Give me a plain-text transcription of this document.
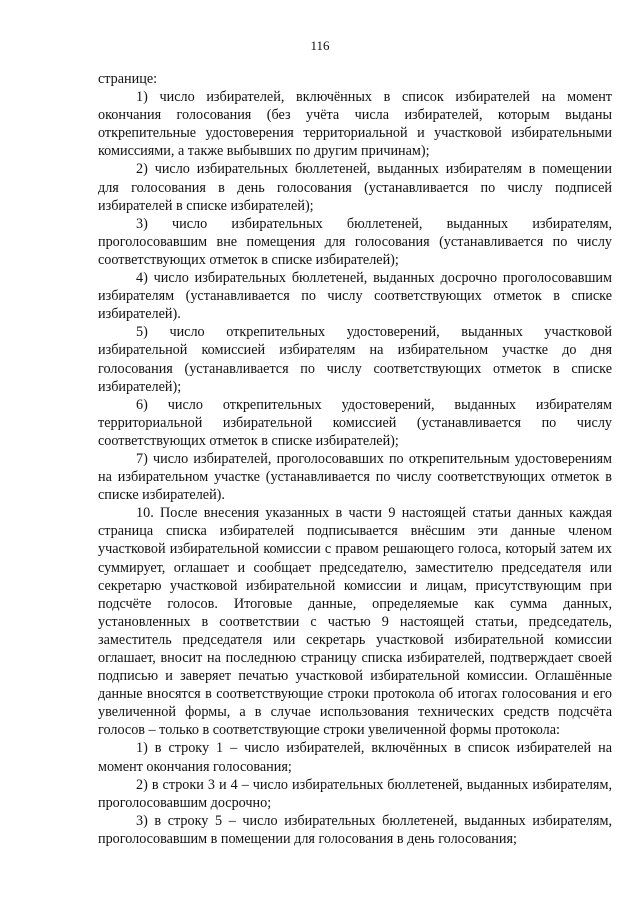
116

странице:

1) число избирателей, включённых в список избирателей на момент окончания голосования (без учёта числа избирателей, которым выданы открепительные удостоверения территориальной и участковой избирательными комиссиями, а также выбывших по другим причинам);

2) число избирательных бюллетеней, выданных избирателям в помещении для голосования в день голосования (устанавливается по числу подписей избирателей в списке избирателей);

3) число избирательных бюллетеней, выданных избирателям, проголосовавшим вне помещения для голосования (устанавливается по числу соответствующих отметок в списке избирателей);

4) число избирательных бюллетеней, выданных досрочно проголосовавшим избирателям (устанавливается по числу соответствующих отметок в списке избирателей).

5) число открепительных удостоверений, выданных участковой избирательной комиссией избирателям на избирательном участке до дня голосования (устанавливается по числу соответствующих отметок в списке избирателей);

6) число открепительных удостоверений, выданных избирателям территориальной избирательной комиссией (устанавливается по числу соответствующих отметок в списке избирателей);

7) число избирателей, проголосовавших по открепительным удостоверениям на избирательном участке (устанавливается по числу соответствующих отметок в списке избирателей).

10. После внесения указанных в части 9 настоящей статьи данных каждая страница списка избирателей подписывается внёсшим эти данные членом участковой избирательной комиссии с правом решающего голоса, который затем их суммирует, оглашает и сообщает председателю, заместителю председателя или секретарю участковой избирательной комиссии и лицам, присутствующим при подсчёте голосов. Итоговые данные, определяемые как сумма данных, установленных в соответствии с частью 9 настоящей статьи, председатель, заместитель председателя или секретарь участковой избирательной комиссии оглашает, вносит на последнюю страницу списка избирателей, подтверждает своей подписью и заверяет печатью участковой избирательной комиссии. Оглашённые данные вносятся в соответствующие строки протокола об итогах голосования и его увеличенной формы, а в случае использования технических средств подсчёта голосов – только в соответствующие строки увеличенной формы протокола:

1) в строку 1 – число избирателей, включённых в список избирателей на момент окончания голосования;

2) в строки 3 и 4 – число избирательных бюллетеней, выданных избирателям, проголосовавшим досрочно;

3) в строку 5 – число избирательных бюллетеней, выданных избирателям, проголосовавшим в помещении для голосования в день голосования;
